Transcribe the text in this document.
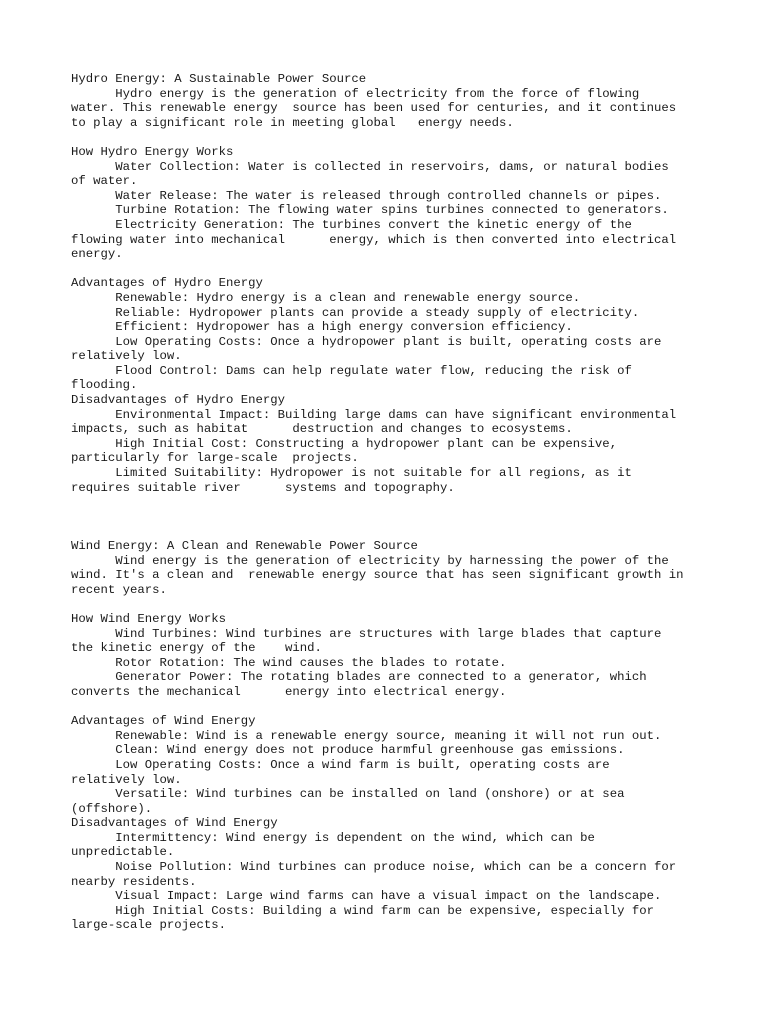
Hydro Energy: A Sustainable Power Source
Hydro energy is the generation of electricity from the force of flowing
water. This renewable energy  source has been used for centuries, and it continues
to play a significant role in meeting global   energy needs.
How Hydro Energy Works
Water Collection: Water is collected in reservoirs, dams, or natural bodies
of water.
Water Release: The water is released through controlled channels or pipes.
Turbine Rotation: The flowing water spins turbines connected to generators.
Electricity Generation: The turbines convert the kinetic energy of the
flowing water into mechanical      energy, which is then converted into electrical
energy.
Advantages of Hydro Energy
Renewable: Hydro energy is a clean and renewable energy source.
Reliable: Hydropower plants can provide a steady supply of electricity.
Efficient: Hydropower has a high energy conversion efficiency.
Low Operating Costs: Once a hydropower plant is built, operating costs are
relatively low.
Flood Control: Dams can help regulate water flow, reducing the risk of
flooding.
Disadvantages of Hydro Energy
Environmental Impact: Building large dams can have significant environmental
impacts, such as habitat      destruction and changes to ecosystems.
High Initial Cost: Constructing a hydropower plant can be expensive,
particularly for large-scale  projects.
Limited Suitability: Hydropower is not suitable for all regions, as it
requires suitable river      systems and topography.
Wind Energy: A Clean and Renewable Power Source
Wind energy is the generation of electricity by harnessing the power of the
wind. It's a clean and  renewable energy source that has seen significant growth in
recent years.
How Wind Energy Works
Wind Turbines: Wind turbines are structures with large blades that capture
the kinetic energy of the    wind.
Rotor Rotation: The wind causes the blades to rotate.
Generator Power: The rotating blades are connected to a generator, which
converts the mechanical      energy into electrical energy.
Advantages of Wind Energy
Renewable: Wind is a renewable energy source, meaning it will not run out.
Clean: Wind energy does not produce harmful greenhouse gas emissions.
Low Operating Costs: Once a wind farm is built, operating costs are
relatively low.
Versatile: Wind turbines can be installed on land (onshore) or at sea
(offshore).
Disadvantages of Wind Energy
Intermittency: Wind energy is dependent on the wind, which can be
unpredictable.
Noise Pollution: Wind turbines can produce noise, which can be a concern for
nearby residents.
Visual Impact: Large wind farms can have a visual impact on the landscape.
High Initial Costs: Building a wind farm can be expensive, especially for
large-scale projects.
